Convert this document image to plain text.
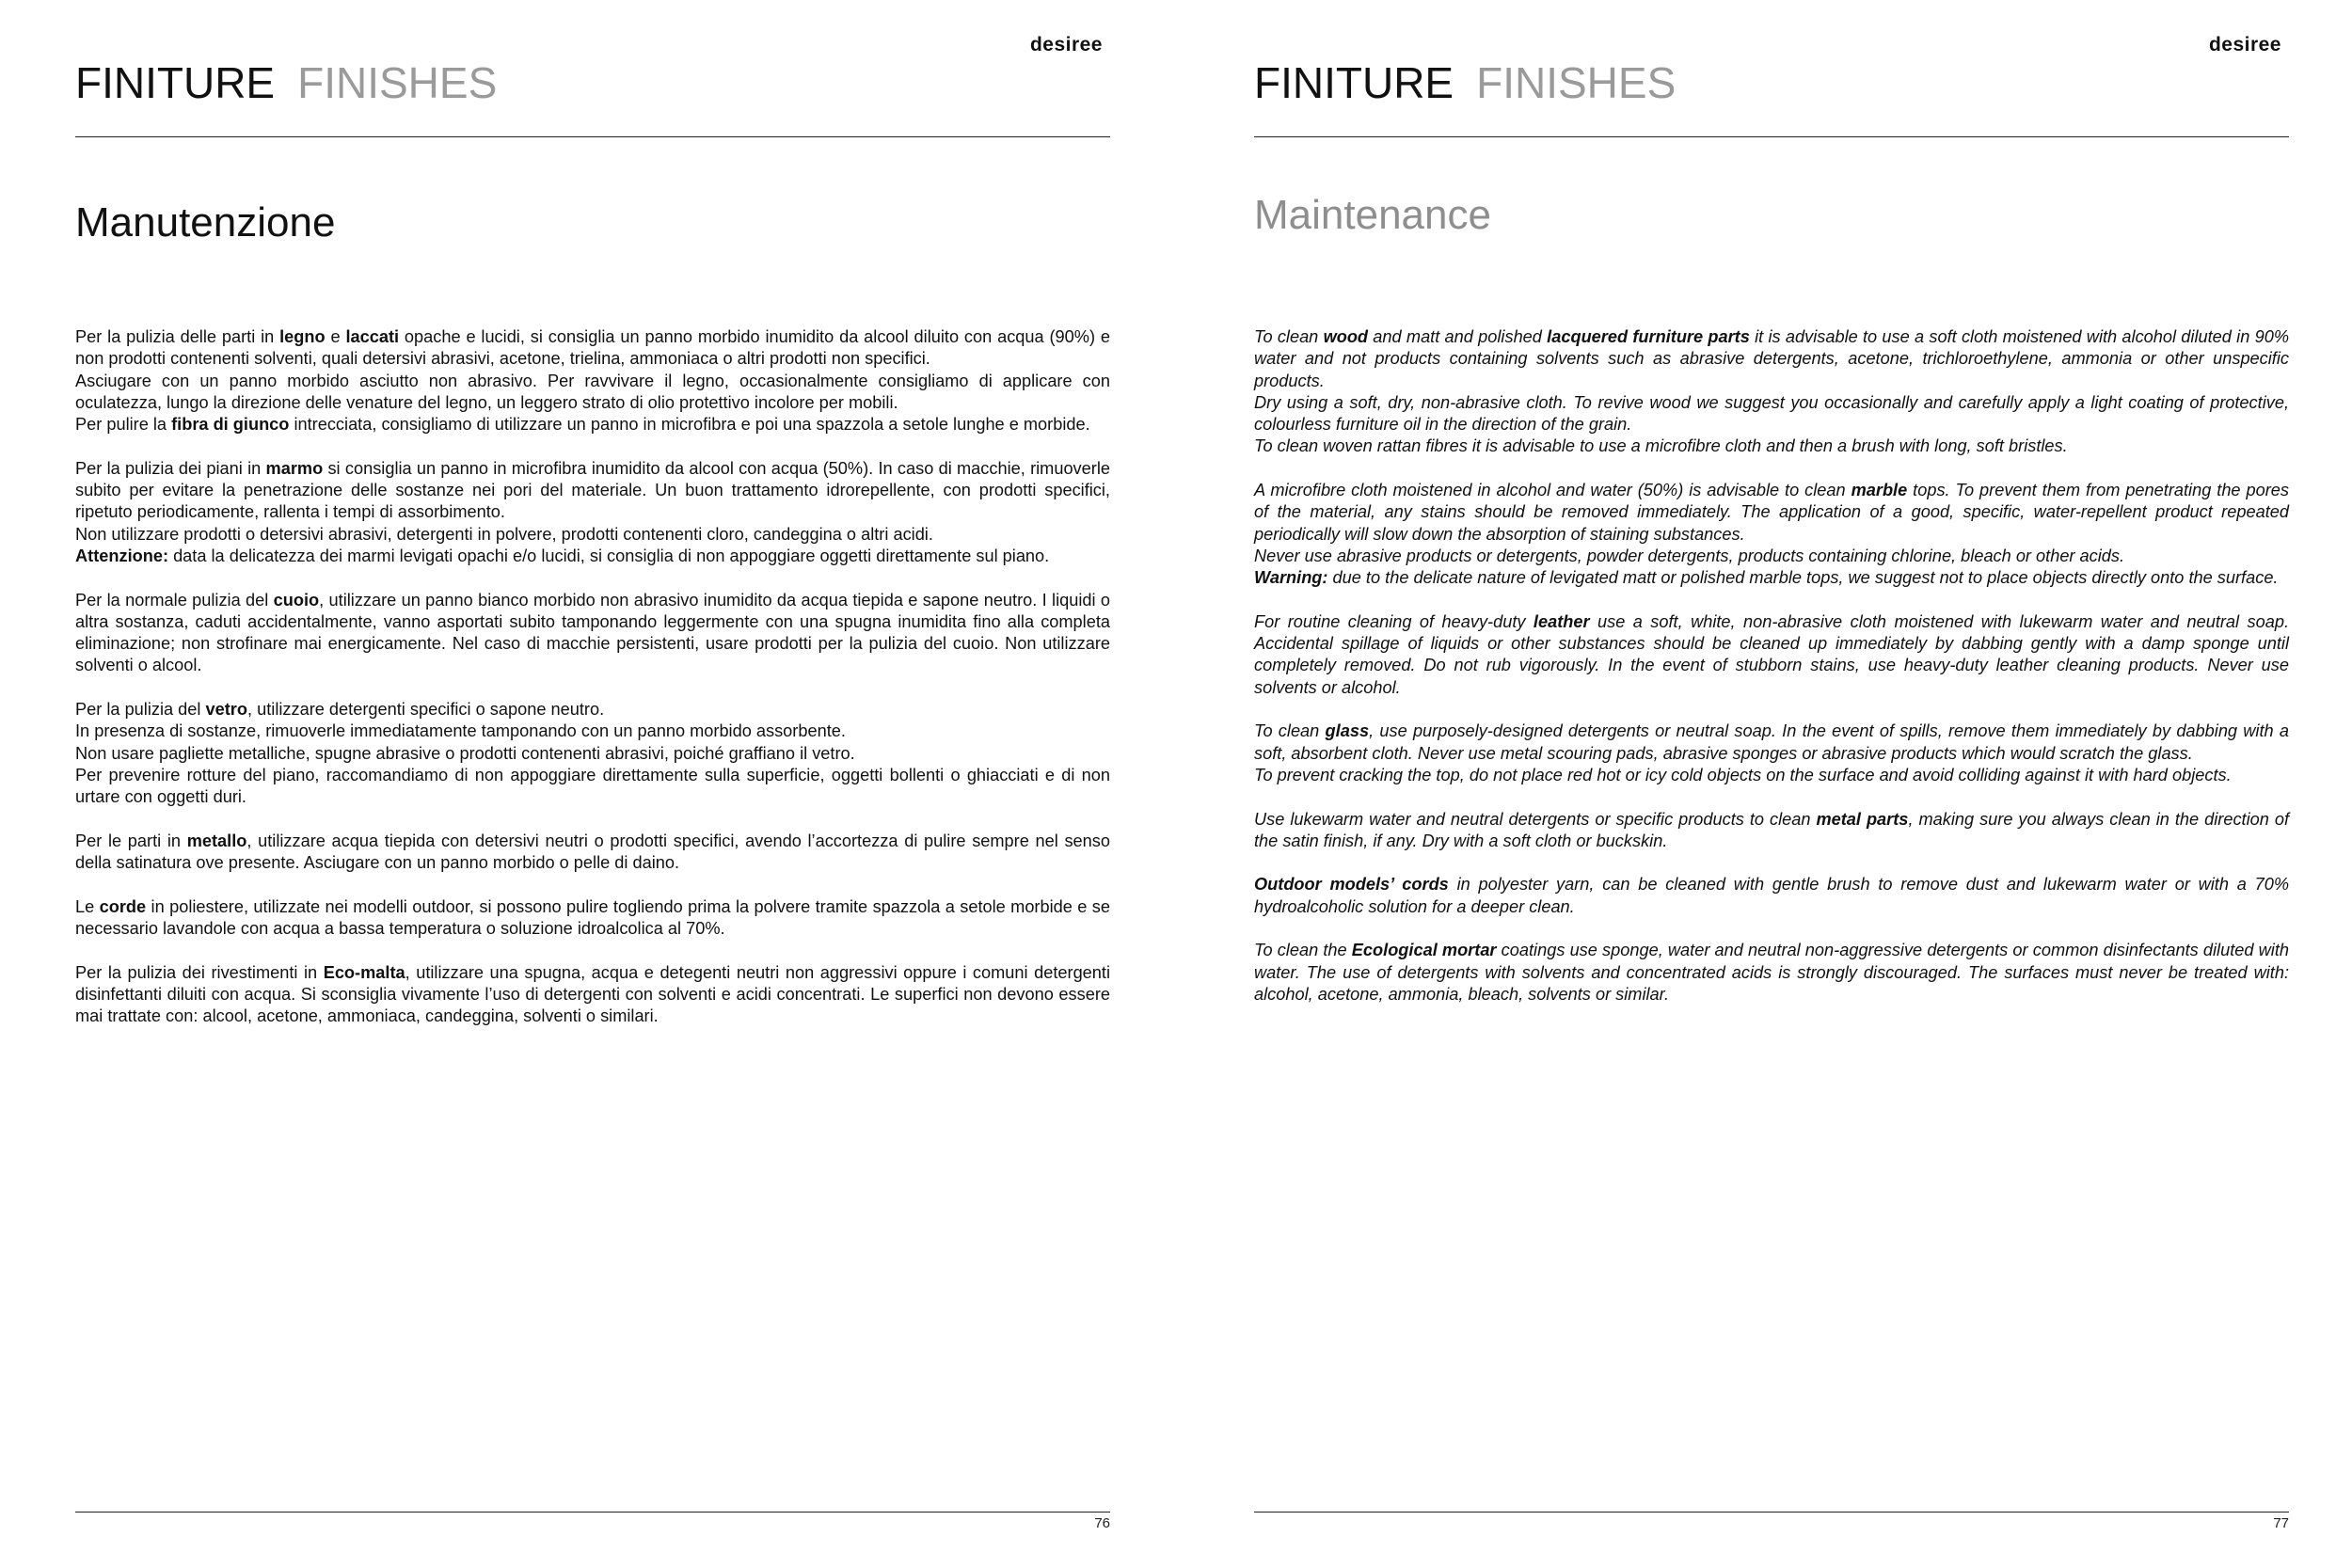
desiree
FINITURE FINISHES
Manutenzione

Per la pulizia delle parti in legno e laccati opache e lucidi, si consiglia un panno morbido inumidito da alcool diluito con acqua (90%) e non prodotti contenenti solventi, quali detersivi abrasivi, acetone, trielina, ammoniaca o altri prodotti non specifici.
Asciugare con un panno morbido asciutto non abrasivo. Per ravvivare il legno, occasionalmente consigliamo di applicare con oculatezza, lungo la direzione delle venature del legno, un leggero strato di olio protettivo incolore per mobili.
Per pulire la fibra di giunco intrecciata, consigliamo di utilizzare un panno in microfibra e poi una spazzola a setole lunghe e morbide.

Per la pulizia dei piani in marmo si consiglia un panno in microfibra inumidito da alcool con acqua (50%). In caso di macchie, rimuoverle subito per evitare la penetrazione delle sostanze nei pori del materiale. Un buon trattamento idrorepellente, con prodotti specifici, ripetuto periodicamente, rallenta i tempi di assorbimento.
Non utilizzare prodotti o detersivi abrasivi, detergenti in polvere, prodotti contenenti cloro, candeggina o altri acidi.
Attenzione: data la delicatezza dei marmi levigati opachi e/o lucidi, si consiglia di non appoggiare oggetti direttamente sul piano.

Per la normale pulizia del cuoio, utilizzare un panno bianco morbido non abrasivo inumidito da acqua tiepida e sapone neutro. I liquidi o altra sostanza, caduti accidentalmente, vanno asportati subito tamponando leggermente con una spugna inumidita fino alla completa eliminazione; non strofinare mai energicamente. Nel caso di macchie persistenti, usare prodotti per la pulizia del cuoio. Non utilizzare solventi o alcool.

Per la pulizia del vetro, utilizzare detergenti specifici o sapone neutro.
In presenza di sostanze, rimuoverle immediatamente tamponando con un panno morbido assorbente.
Non usare pagliette metalliche, spugne abrasive o prodotti contenenti abrasivi, poiché graffiano il vetro.
Per prevenire rotture del piano, raccomandiamo di non appoggiare direttamente sulla superficie, oggetti bollenti o ghiacciati e di non urtare con oggetti duri.

Per le parti in metallo, utilizzare acqua tiepida con detersivi neutri o prodotti specifici, avendo l’accortezza di pulire sempre nel senso della satinatura ove presente. Asciugare con un panno morbido o pelle di daino.

Le corde in poliestere, utilizzate nei modelli outdoor, si possono pulire togliendo prima la polvere tramite spazzola a setole morbide e se necessario lavandole con acqua a bassa temperatura o soluzione idroalcolica al 70%.

Per la pulizia dei rivestimenti in Eco-malta, utilizzare una spugna, acqua e detegenti neutri non aggressivi oppure i comuni detergenti disinfettanti diluiti con acqua. Si sconsiglia vivamente l’uso di detergenti con solventi e acidi concentrati. Le superfici non devono essere mai trattate con: alcool, acetone, ammoniaca, candeggina, solventi o similari.

76
desiree
FINITURE FINISHES
Maintenance

To clean wood and matt and polished lacquered furniture parts it is advisable to use a soft cloth moistened with alcohol diluted in 90% water and not products containing solvents such as abrasive detergents, acetone, trichloroethylene, ammonia or other unspecific products.
Dry using a soft, dry, non-abrasive cloth. To revive wood we suggest you occasionally and carefully apply a light coating of protective, colourless furniture oil in the direction of the grain.
To clean woven rattan fibres it is advisable to use a microfibre cloth and then a brush with long, soft bristles.

A microfibre cloth moistened in alcohol and water (50%) is advisable to clean marble tops. To prevent them from penetrating the pores of the material, any stains should be removed immediately. The application of a good, specific, water-repellent product repeated periodically will slow down the absorption of staining substances.
Never use abrasive products or detergents, powder detergents, products containing chlorine, bleach or other acids.
Warning: due to the delicate nature of levigated matt or polished marble tops, we suggest not to place objects directly onto the surface.

For routine cleaning of heavy-duty leather use a soft, white, non-abrasive cloth moistened with lukewarm water and neutral soap. Accidental spillage of liquids or other substances should be cleaned up immediately by dabbing gently with a damp sponge until completely removed. Do not rub vigorously. In the event of stubborn stains, use heavy-duty leather cleaning products. Never use solvents or alcohol.

To clean glass, use purposely-designed detergents or neutral soap. In the event of spills, remove them immediately by dabbing with a soft, absorbent cloth. Never use metal scouring pads, abrasive sponges or abrasive products which would scratch the glass.
To prevent cracking the top, do not place red hot or icy cold objects on the surface and avoid colliding against it with hard objects.

Use lukewarm water and neutral detergents or specific products to clean metal parts, making sure you always clean in the direction of the satin finish, if any. Dry with a soft cloth or buckskin.

Outdoor models’ cords in polyester yarn, can be cleaned with gentle brush to remove dust and lukewarm water or with a 70% hydroalcoholic solution for a deeper clean.

To clean the Ecological mortar coatings use sponge, water and neutral non-aggressive detergents or common disinfectants diluted with water. The use of detergents with solvents and concentrated acids is strongly discouraged. The surfaces must never be treated with: alcohol, acetone, ammonia, bleach, solvents or similar.

77
